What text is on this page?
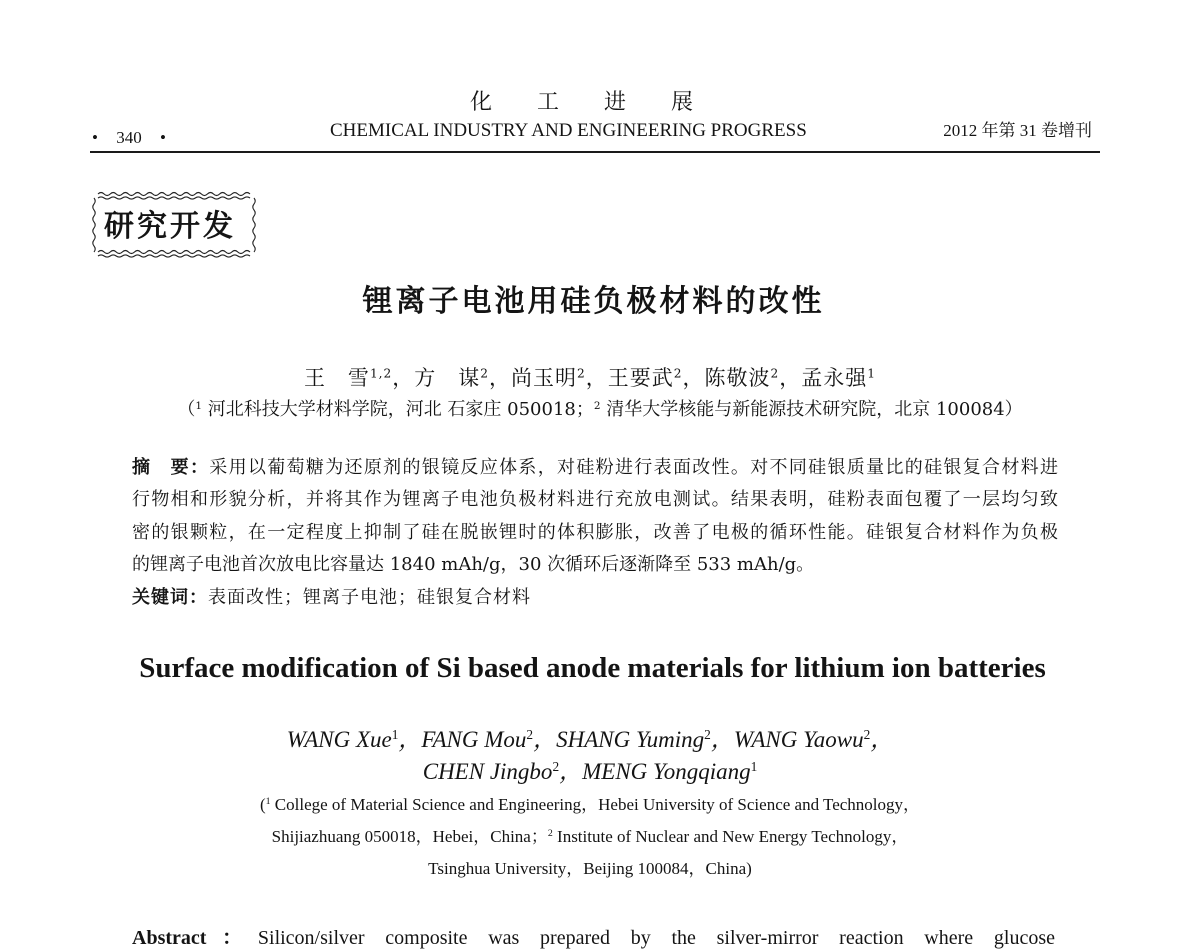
化 工 进 展
CHEMICAL INDUSTRY AND ENGINEERING PROGRESS
• 340 •	2012 年第 31 卷增刊
研究开发
锂离子电池用硅负极材料的改性
王　雪$^{1,2}$，方　谋$^2$，尚玉明$^2$，王要武$^2$，陈敬波$^2$，孟永强$^1$
（$^1$ 河北科技大学材料学院，河北 石家庄 050018；$^2$ 清华大学核能与新能源技术研究院，北京 100084）
摘　要：采用以葡萄糖为还原剂的银镜反应体系，对硅粉进行表面改性。对不同硅银质量比的硅银复合材料进
行物相和形貌分析，并将其作为锂离子电池负极材料进行充放电测试。结果表明，硅粉表面包覆了一层均匀致
密的银颗粒，在一定程度上抑制了硅在脱嵌锂时的体积膨胀，改善了电极的循环性能。硅银复合材料作为负极
的锂离子电池首次放电比容量达 1840 mAh/g，30 次循环后逐渐降至 533 mAh/g。
关键词：表面改性；锂离子电池；硅银复合材料
Surface modification of Si based anode materials for lithium ion batteries
WANG Xue$^1$，FANG Mou$^2$，SHANG Yuming$^2$，WANG Yaowu$^2$，
CHEN Jingbo$^2$，MENG Yongqiang$^1$
($^1$ College of Material Science and Engineering，Hebei University of Science and Technology，
Shijiazhuang 050018，Hebei，China；$^2$ Institute of Nuclear and New Energy Technology，
Tsinghua University，Beijing 100084，China)
Abstract：Silicon/silver composite was prepared by the silver-mirror reaction where glucose
